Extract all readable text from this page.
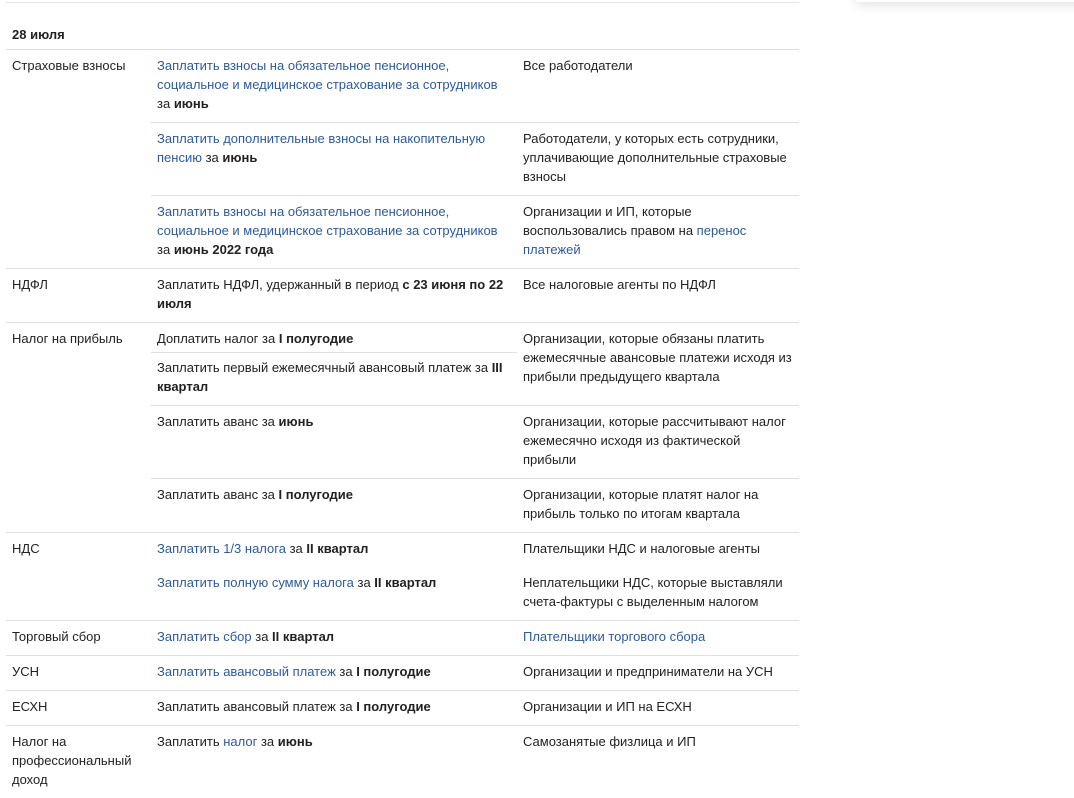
28 июля
Страховые взносы	Заплатить взносы на обязательное пенсионное, социальное и медицинское страхование за сотрудников за июнь	Все работодатели
	Заплатить дополнительные взносы на накопительную пенсию за июнь	Работодатели, у которых есть сотрудники, уплачивающие дополнительные страховые взносы
	Заплатить взносы на обязательное пенсионное, социальное и медицинское страхование за сотрудников за июнь 2022 года	Организации и ИП, которые воспользовались правом на перенос платежей
НДФЛ	Заплатить НДФЛ, удержанный в период с 23 июня по 22 июля	Все налоговые агенты по НДФЛ
Налог на прибыль	Доплатить налог за I полугодие	Организации, которые обязаны платить ежемесячные авансовые платежи исходя из прибыли предыдущего квартала
	Заплатить первый ежемесячный авансовый платеж за III квартал	
	Заплатить аванс за июнь	Организации, которые рассчитывают налог ежемесячно исходя из фактической прибыли
	Заплатить аванс за I полугодие	Организации, которые платят налог на прибыль только по итогам квартала
НДС	Заплатить 1/3 налога за II квартал	Плательщики НДС и налоговые агенты
	Заплатить полную сумму налога за II квартал	Неплательщики НДС, которые выставляли счета-фактуры с выделенным налогом
Торговый сбор	Заплатить сбор за II квартал	Плательщики торгового сбора
УСН	Заплатить авансовый платеж за I полугодие	Организации и предприниматели на УСН
ЕСХН	Заплатить авансовый платеж за I полугодие	Организации и ИП на ЕСХН
Налог на профессиональный доход	Заплатить налог за июнь	Самозанятые физлица и ИП
